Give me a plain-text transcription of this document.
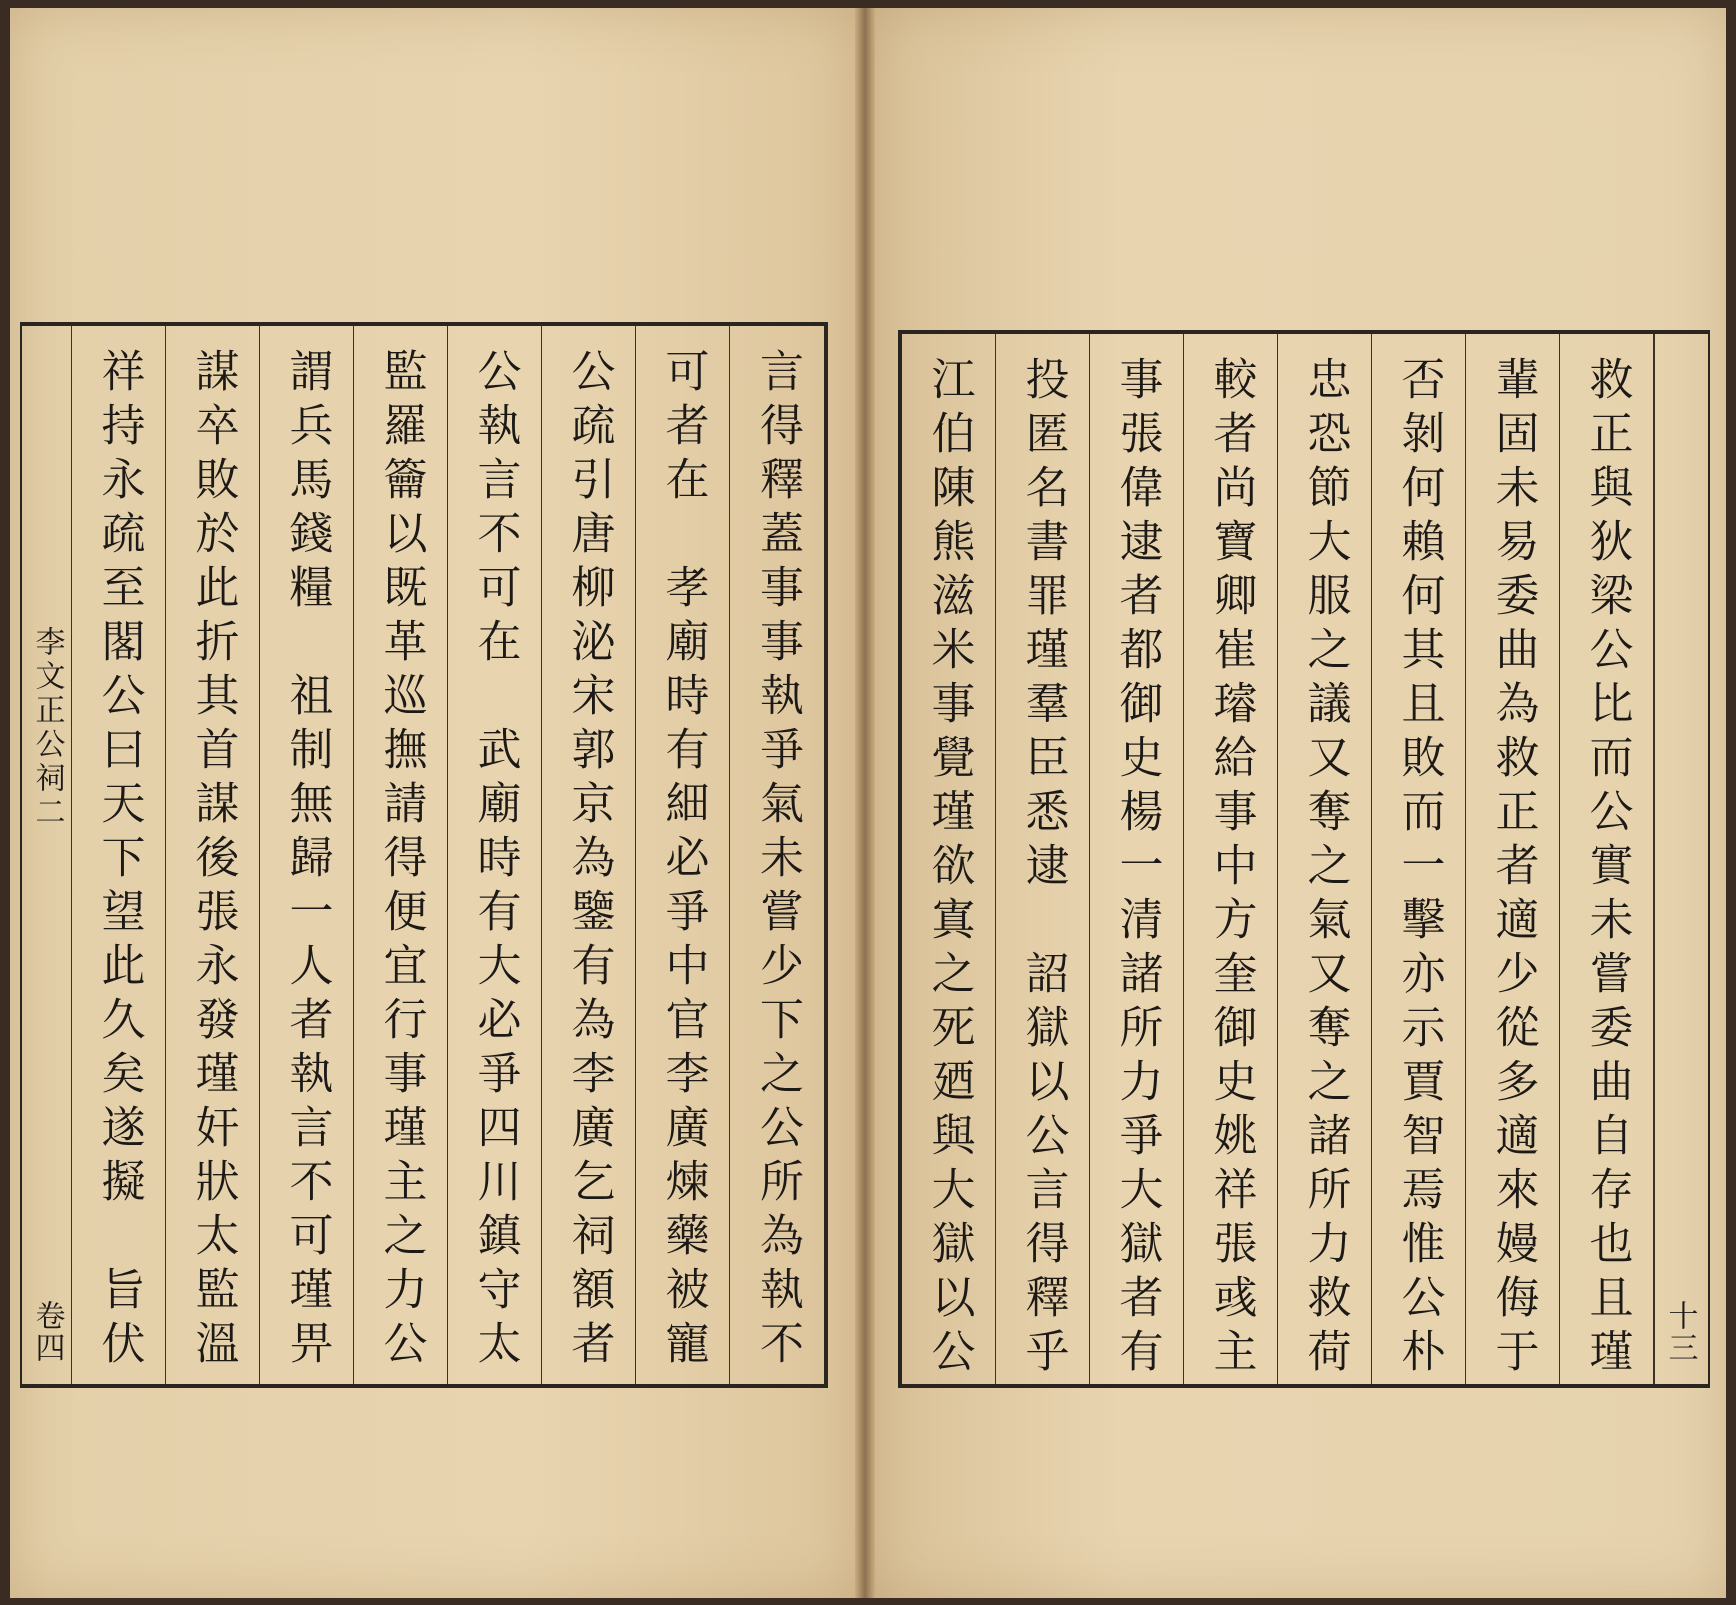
李文正公祠二
卷四 祥持永疏至閣公曰天下望此久矣遂擬　旨伏 謀卒敗於此折其首謀後張永發瑾奸狀太監溫 謂兵馬錢糧　祖制無歸一人者執言不可瑾畀 監羅籥以既革巡撫請得便宜行事瑾主之力公 公執言不可在　武廟時有大必爭四川鎮守太 公疏引唐柳泌宋郭京為鑒有為李廣乞祠額者 可者在　孝廟時有細必爭中官李廣煉藥被寵 言得釋蓋事事執爭氣未嘗少下之公所為執不	江伯陳熊滋米事覺瑾欲寘之死廼與大獄以公 投匿名書罪瑾羣臣悉逮　詔獄以公言得釋乎 事張偉逮者都御史楊一清諸所力爭大獄者有 較者尚寶卿崔璿給事中方奎御史姚祥張彧主 忠恐節大服之議又奪之氣又奪之諸所力救荷 否剝何賴何其且敗而一擊亦示賈智焉惟公朴 輩固未易委曲為救正者適少從多適來嫚侮于 救正與狄梁公比而公實未嘗委曲自存也且瑾 十三
